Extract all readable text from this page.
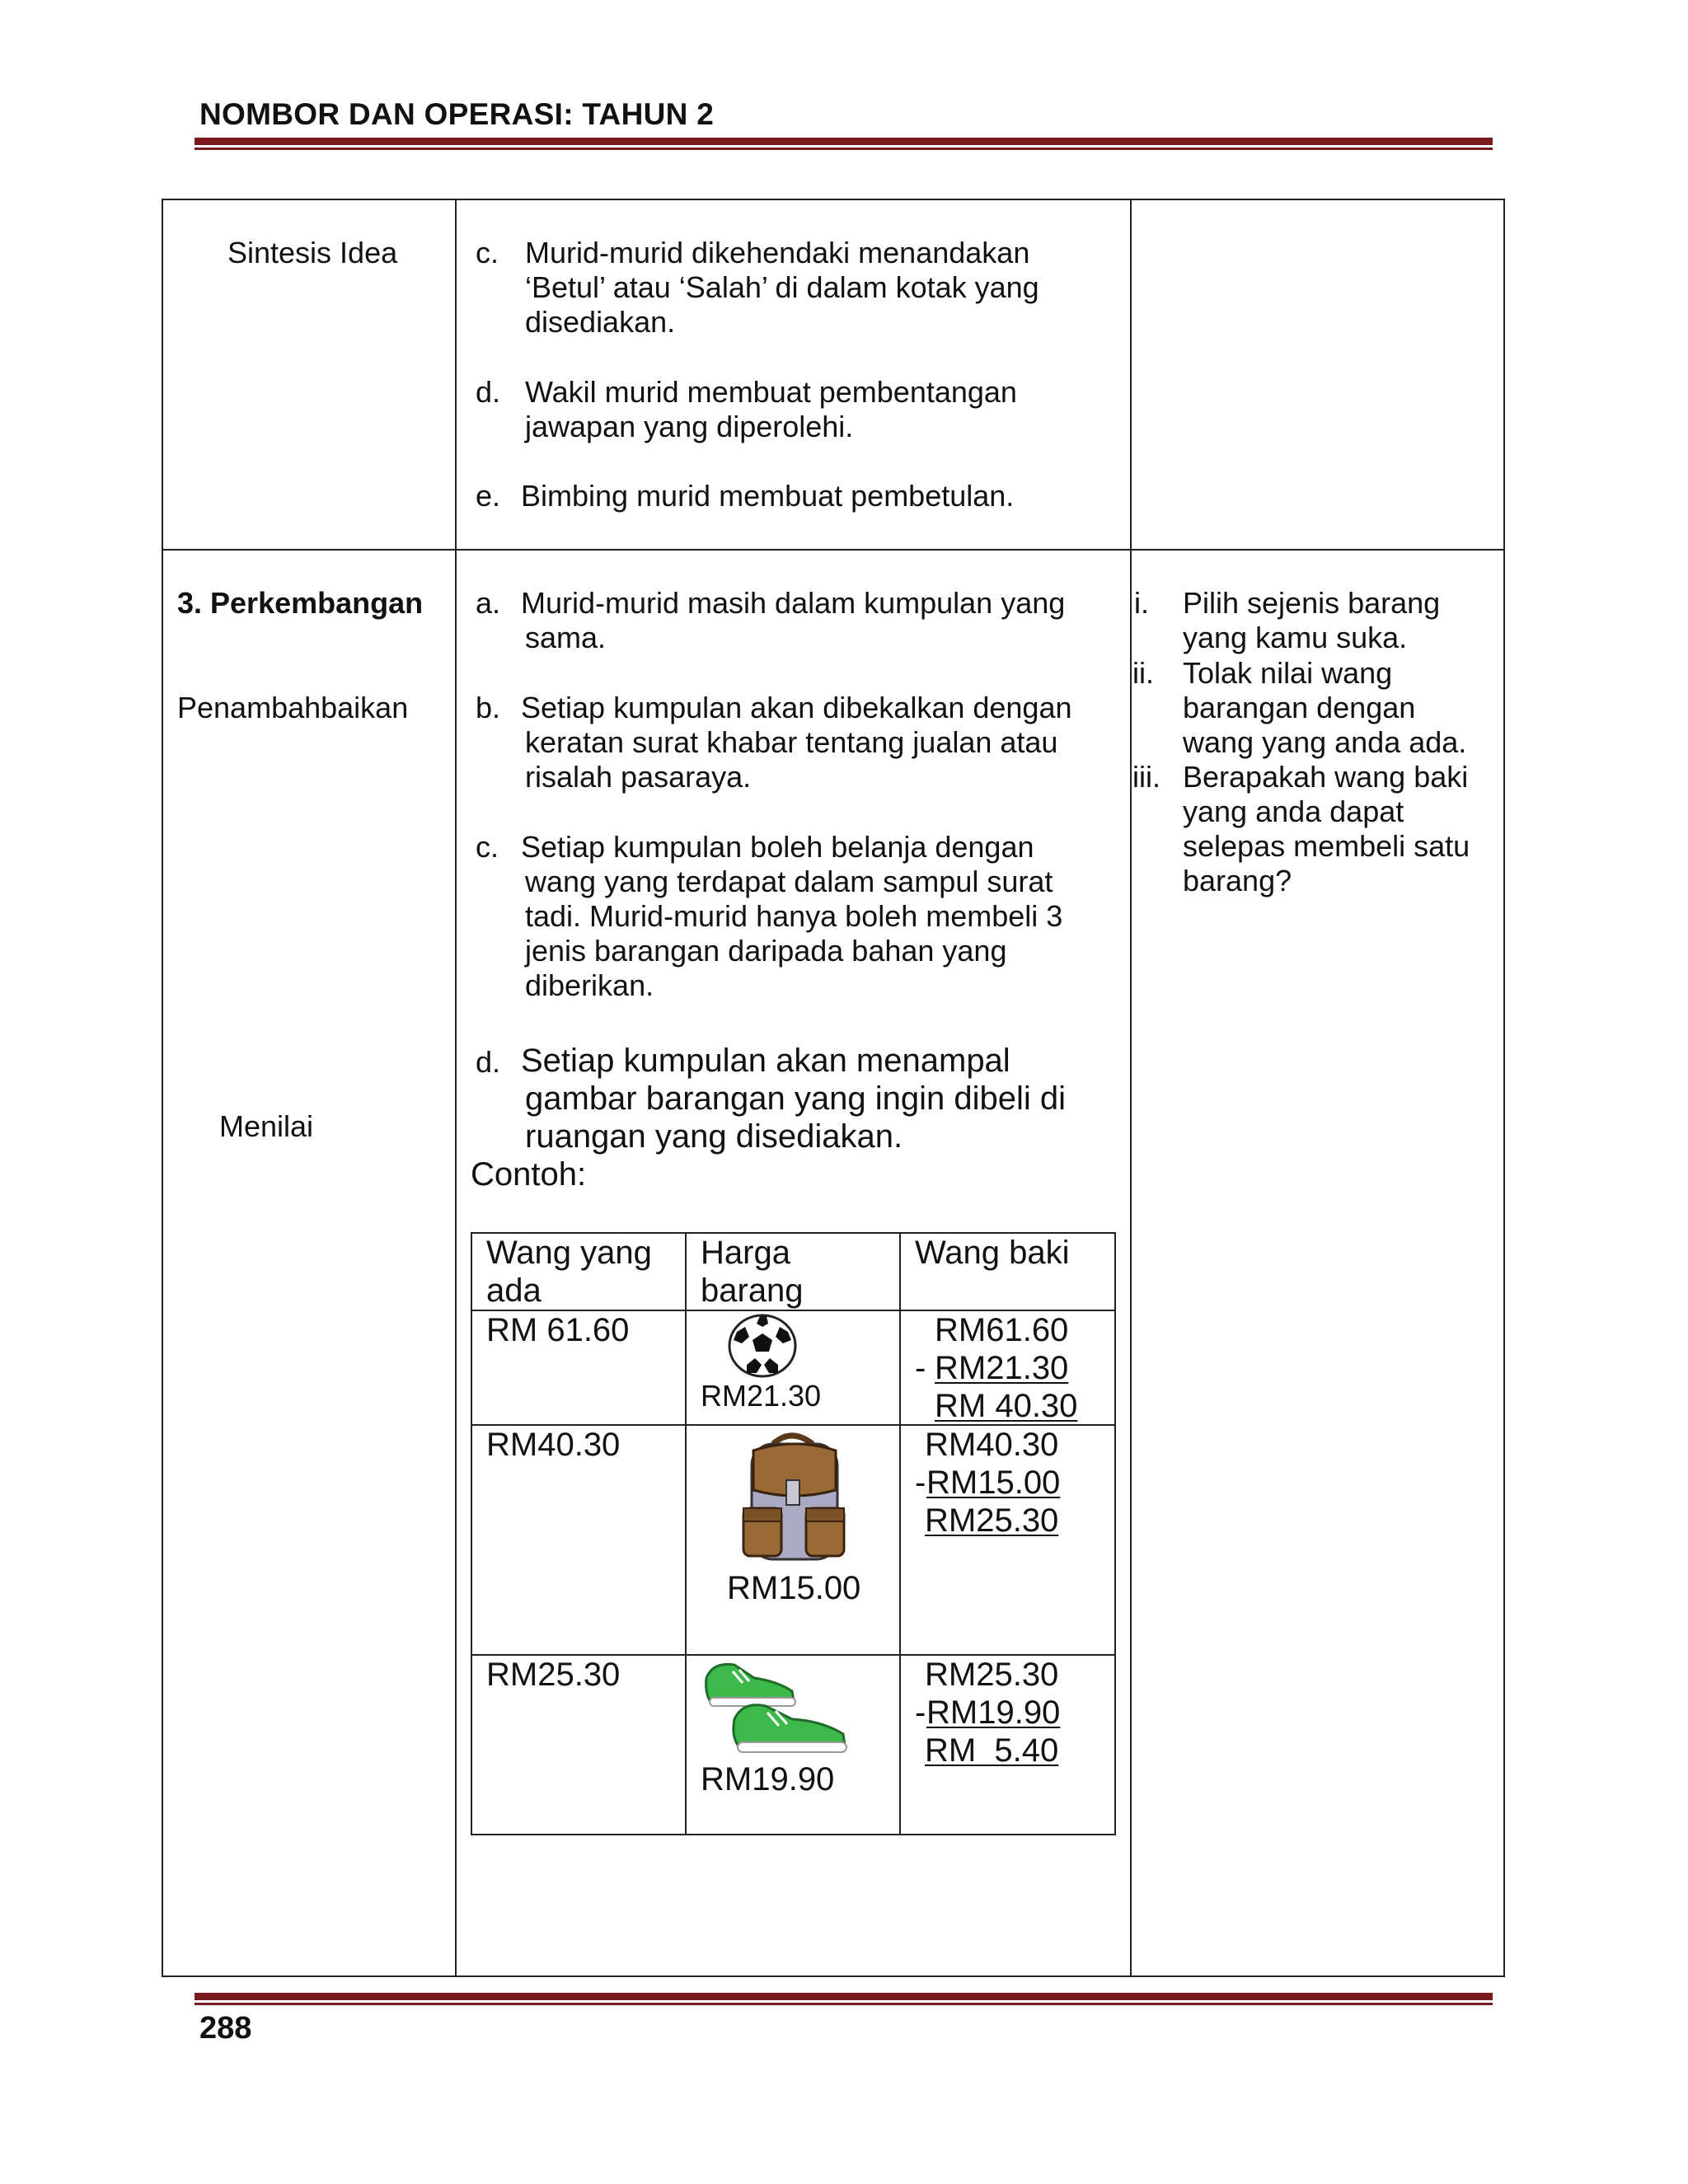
NOMBOR DAN OPERASI: TAHUN 2
Sintesis Idea	c. Murid-murid dikehendaki menandakan
‘Betul’ atau ‘Salah’ di dalam kotak yang
disediakan.
d. Wakil murid membuat pembentangan
jawapan yang diperolehi.
e. Bimbing murid membuat pembetulan.
3. Perkembangan
Penambahbaikan
Menilai
a. Murid-murid masih dalam kumpulan yang
sama.
b. Setiap kumpulan akan dibekalkan dengan
keratan surat khabar tentang jualan atau
risalah pasaraya.
c. Setiap kumpulan boleh belanja dengan
wang yang terdapat dalam sampul surat
tadi. Murid-murid hanya boleh membeli 3
jenis barangan daripada bahan yang
diberikan.
d. Setiap kumpulan akan menampal
gambar barangan yang ingin dibeli di
ruangan yang disediakan.
Contoh:
i. Pilih sejenis barang
yang kamu suka.
ii. Tolak nilai wang
barangan dengan
wang yang anda ada.
iii. Berapakah wang baki
yang anda dapat
selepas membeli satu
barang?
Wang yang
ada
Harga
barang
Wang baki
RM 61.60
RM21.30
RM61.60
- RM21.30
RM 40.30
RM40.30
RM15.00
RM40.30
- RM15.00
RM25.30
RM25.30
RM19.90
RM25.30
- RM19.90
RM  5.40
288
